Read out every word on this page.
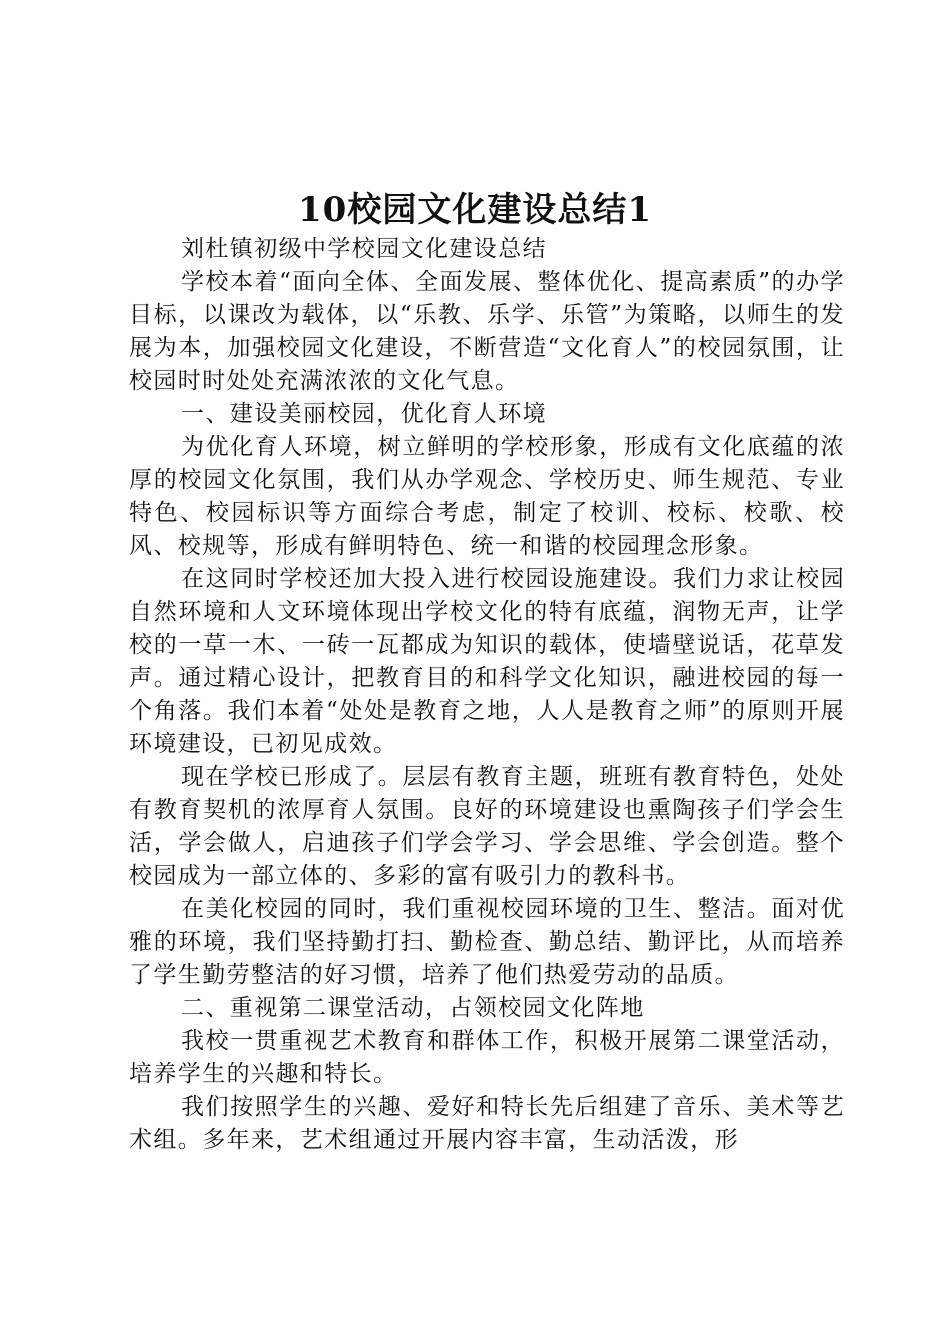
10校园文化建设总结1

刘杜镇初级中学校园文化建设总结

学校本着“面向全体、全面发展、整体优化、提高素质”的办学目标，以课改为载体，以“乐教、乐学、乐管”为策略，以师生的发展为本，加强校园文化建设，不断营造“文化育人”的校园氛围，让校园时时处处充满浓浓的文化气息。

一、建设美丽校园，优化育人环境

为优化育人环境，树立鲜明的学校形象，形成有文化底蕴的浓厚的校园文化氛围，我们从办学观念、学校历史、师生规范、专业特色、校园标识等方面综合考虑，制定了校训、校标、校歌、校风、校规等，形成有鲜明特色、统一和谐的校园理念形象。

在这同时学校还加大投入进行校园设施建设。我们力求让校园自然环境和人文环境体现出学校文化的特有底蕴，润物无声，让学校的一草一木、一砖一瓦都成为知识的载体，使墙壁说话，花草发声。通过精心设计，把教育目的和科学文化知识，融进校园的每一个角落。我们本着“处处是教育之地，人人是教育之师”的原则开展环境建设，已初见成效。

现在学校已形成了。层层有教育主题，班班有教育特色，处处有教育契机的浓厚育人氛围。良好的环境建设也熏陶孩子们学会生活，学会做人，启迪孩子们学会学习、学会思维、学会创造。整个校园成为一部立体的、多彩的富有吸引力的教科书。

在美化校园的同时，我们重视校园环境的卫生、整洁。面对优雅的环境，我们坚持勤打扫、勤检查、勤总结、勤评比，从而培养了学生勤劳整洁的好习惯，培养了他们热爱劳动的品质。

二、重视第二课堂活动，占领校园文化阵地

我校一贯重视艺术教育和群体工作，积极开展第二课堂活动，培养学生的兴趣和特长。

我们按照学生的兴趣、爱好和特长先后组建了音乐、美术等艺术组。多年来，艺术组通过开展内容丰富，生动活泼，形
